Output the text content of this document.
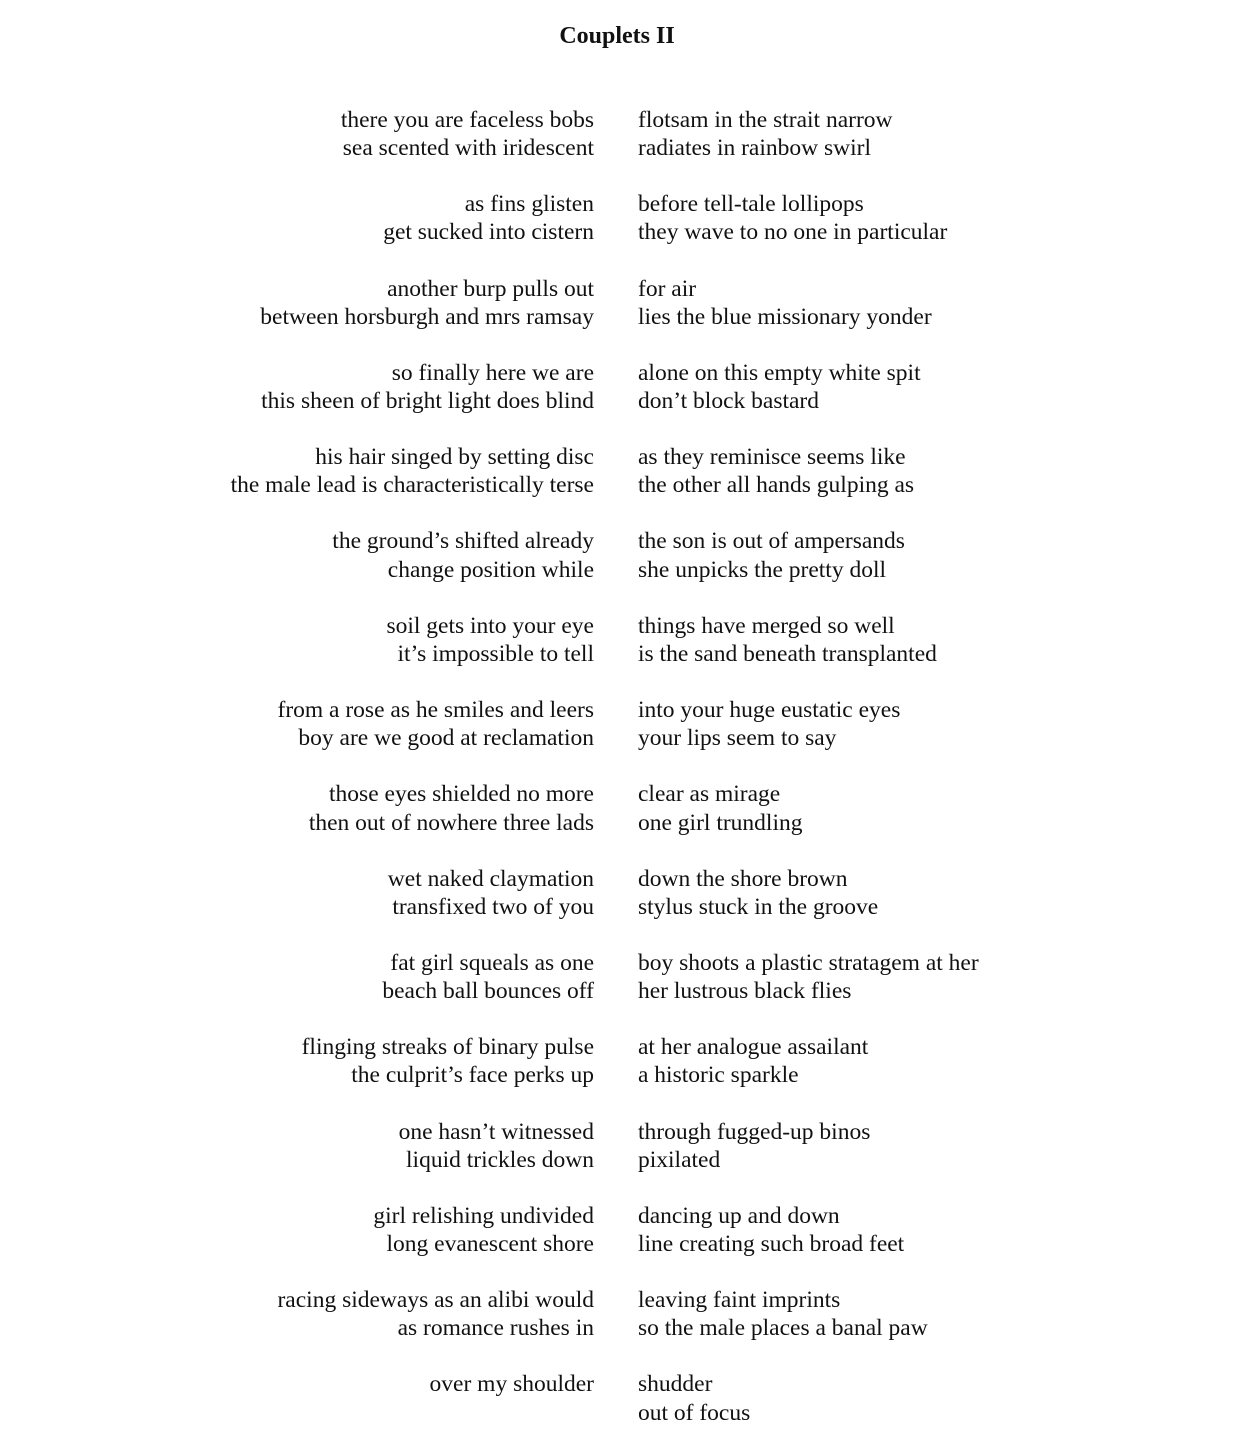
Couplets II
there you are faceless bobs
sea scented with iridescent
flotsam in the strait narrow
radiates in rainbow swirl
as fins glisten
get sucked into cistern
before tell-tale lollipops
they wave to no one in particular
another burp pulls out
between horsburgh and mrs ramsay
for air
lies the blue missionary yonder
so finally here we are
this sheen of bright light does blind
alone on this empty white spit
don’t block bastard
his hair singed by setting disc
the male lead is characteristically terse
as they reminisce seems like
the other all hands gulping as
the ground’s shifted already
change position while
the son is out of ampersands
she unpicks the pretty doll
soil gets into your eye
it’s impossible to tell
things have merged so well
is the sand beneath transplanted
from a rose as he smiles and leers
boy are we good at reclamation
into your huge eustatic eyes
your lips seem to say
those eyes shielded no more
then out of nowhere three lads
clear as mirage
one girl trundling
wet naked claymation
transfixed two of you
down the shore brown
stylus stuck in the groove
fat girl squeals as one
beach ball bounces off
boy shoots a plastic stratagem at her
her lustrous black flies
flinging streaks of binary pulse
the culprit’s face perks up
at her analogue assailant
a historic sparkle
one hasn’t witnessed
liquid trickles down
through fugged-up binos
pixilated
girl relishing undivided
long evanescent shore
dancing up and down
line creating such broad feet
racing sideways as an alibi would
as romance rushes in
leaving faint imprints
so the male places a banal paw
over my shoulder shudder
out of focus
